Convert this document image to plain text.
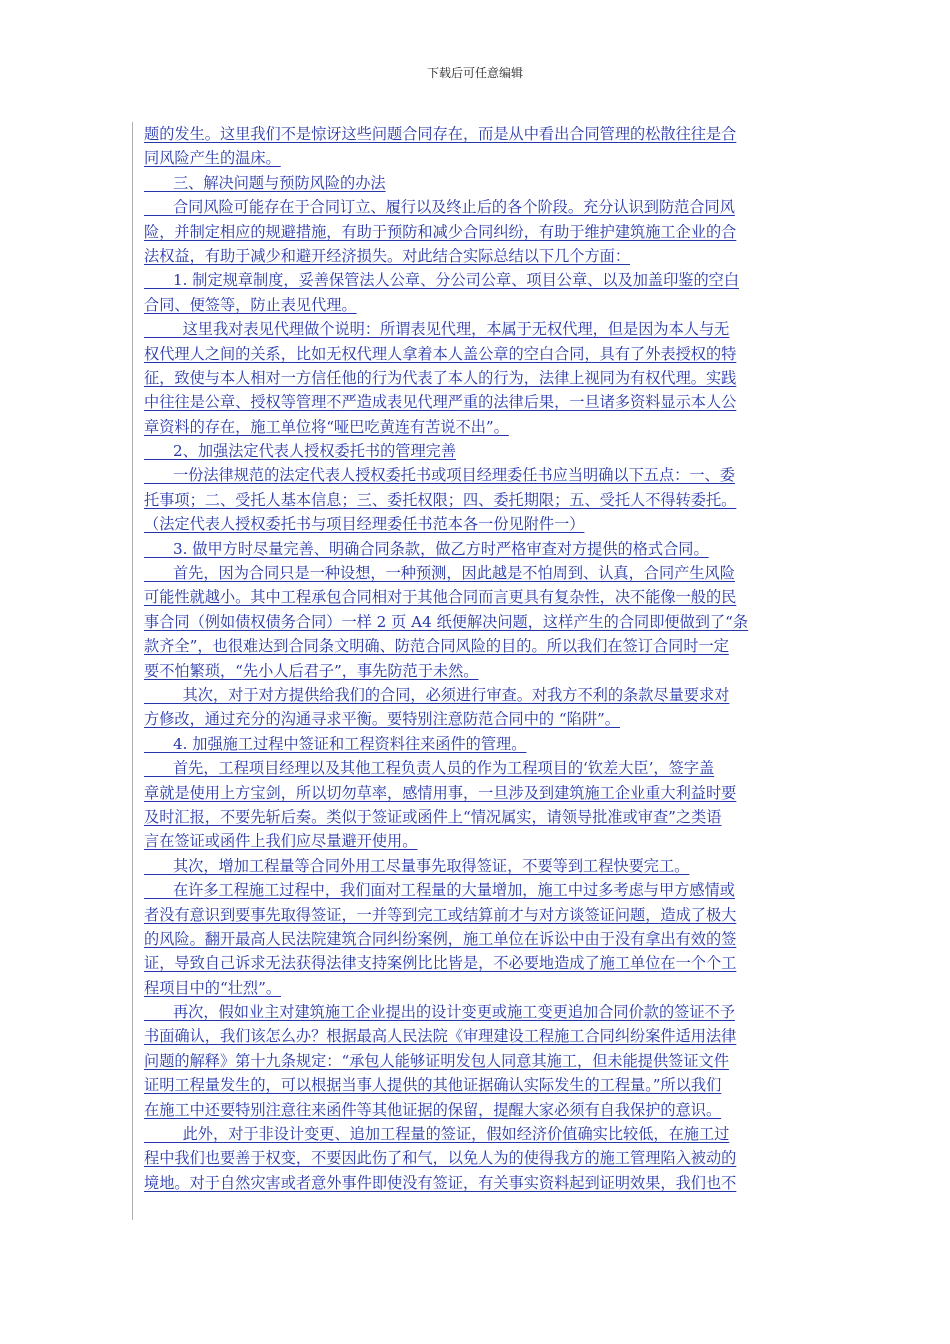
下载后可任意编辑
题的发生。这里我们不是惊讶这些问题合同存在，而是从中看出合同管理的松散往往是合
同风险产生的温床。
三、解决问题与预防风险的办法
合同风险可能存在于合同订立、履行以及终止后的各个阶段。充分认识到防范合同风
险，并制定相应的规避措施，有助于预防和减少合同纠纷，有助于维护建筑施工企业的合
法权益，有助于减少和避开经济损失。对此结合实际总结以下几个方面：
1. 制定规章制度，妥善保管法人公章、分公司公章、项目公章、以及加盖印鉴的空白
合同、便签等，防止表见代理。
这里我对表见代理做个说明：所谓表见代理，本属于无权代理，但是因为本人与无
权代理人之间的关系，比如无权代理人拿着本人盖公章的空白合同，具有了外表授权的特
征，致使与本人相对一方信任他的行为代表了本人的行为，法律上视同为有权代理。实践
中往往是公章、授权等管理不严造成表见代理严重的法律后果，一旦诸多资料显示本人公
章资料的存在，施工单位将“哑巴吃黄连有苦说不出”。
2、加强法定代表人授权委托书的管理完善
一份法律规范的法定代表人授权委托书或项目经理委任书应当明确以下五点：一、委
托事项；二、受托人基本信息；三、委托权限；四、委托期限；五、受托人不得转委托。
（法定代表人授权委托书与项目经理委任书范本各一份见附件一）
3. 做甲方时尽量完善、明确合同条款，做乙方时严格审查对方提供的格式合同。
首先，因为合同只是一种设想，一种预测，因此越是不怕周到、认真，合同产生风险
可能性就越小。其中工程承包合同相对于其他合同而言更具有复杂性，决不能像一般的民
事合同（例如债权债务合同）一样 2 页 A4 纸便解决问题，这样产生的合同即便做到了“条
款齐全”，也很难达到合同条文明确、防范合同风险的目的。所以我们在签订合同时一定
要不怕繁琐，“先小人后君子”，事先防范于未然。
其次，对于对方提供给我们的合同，必须进行审查。对我方不利的条款尽量要求对
方修改，通过充分的沟通寻求平衡。要特别注意防范合同中的 “陷阱”。
4. 加强施工过程中签证和工程资料往来函件的管理。
首先，工程项目经理以及其他工程负责人员的作为工程项目的‘钦差大臣’，签字盖
章就是使用上方宝剑，所以切勿草率，感情用事，一旦涉及到建筑施工企业重大利益时要
及时汇报，不要先斩后奏。类似于签证或函件上“情况属实，请领导批准或审查”之类语
言在签证或函件上我们应尽量避开使用。
其次，增加工程量等合同外用工尽量事先取得签证，不要等到工程快要完工。
在许多工程施工过程中，我们面对工程量的大量增加，施工中过多考虑与甲方感情或
者没有意识到要事先取得签证，一并等到完工或结算前才与对方谈签证问题，造成了极大
的风险。翻开最高人民法院建筑合同纠纷案例，施工单位在诉讼中由于没有拿出有效的签
证，导致自己诉求无法获得法律支持案例比比皆是，不必要地造成了施工单位在一个个工
程项目中的“壮烈”。
再次，假如业主对建筑施工企业提出的设计变更或施工变更追加合同价款的签证不予
书面确认，我们该怎么办？根据最高人民法院《审理建设工程施工合同纠纷案件适用法律
问题的解释》第十九条规定：“承包人能够证明发包人同意其施工，但未能提供签证文件
证明工程量发生的，可以根据当事人提供的其他证据确认实际发生的工程量。”所以我们
在施工中还要特别注意往来函件等其他证据的保留，提醒大家必须有自我保护的意识。
此外，对于非设计变更、追加工程量的签证，假如经济价值确实比较低，在施工过
程中我们也要善于权变，不要因此伤了和气，以免人为的使得我方的施工管理陷入被动的
境地。对于自然灾害或者意外事件即使没有签证，有关事实资料起到证明效果，我们也不
